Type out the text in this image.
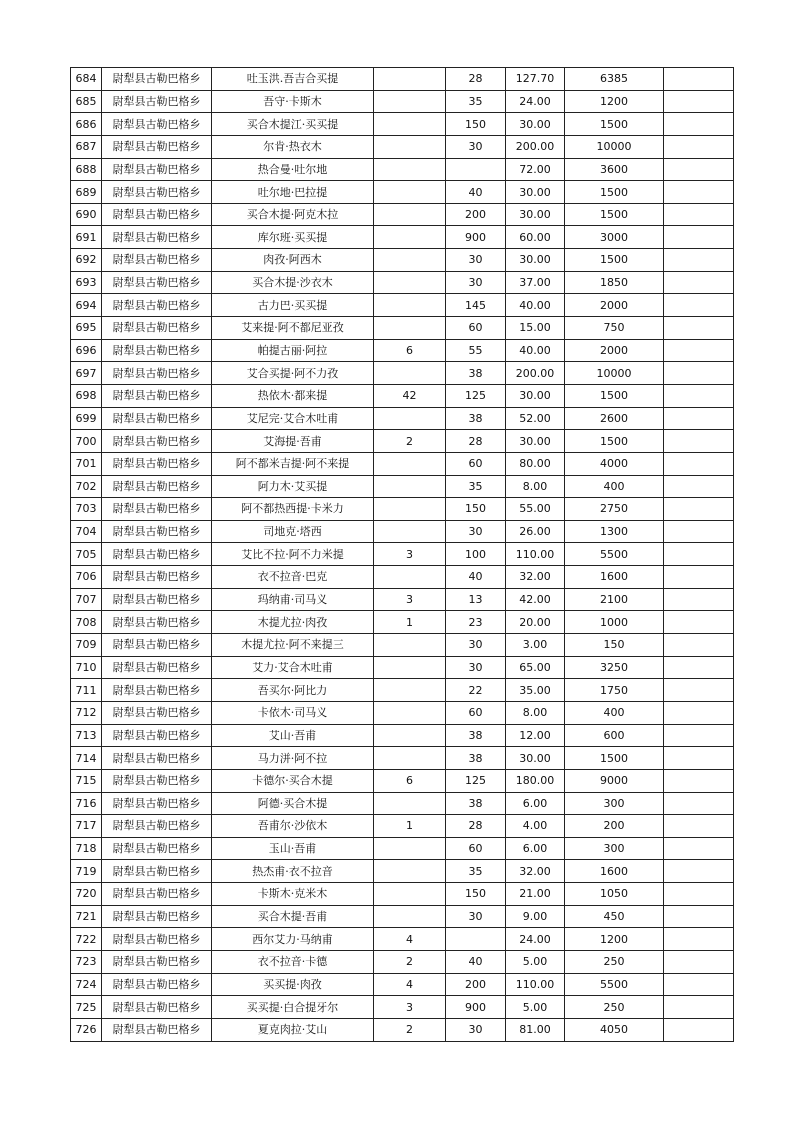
684	尉犁县古勒巴格乡	吐玉洪.吾吉合买提		28	127.70	6385	
685	尉犁县古勒巴格乡	吾守·卡斯木		35	24.00	1200	
686	尉犁县古勒巴格乡	买合木提江·买买提		150	30.00	1500	
687	尉犁县古勒巴格乡	尔肯·热衣木		30	200.00	10000	
688	尉犁县古勒巴格乡	热合曼·吐尔地			72.00	3600	
689	尉犁县古勒巴格乡	吐尔地·巴拉提		40	30.00	1500	
690	尉犁县古勒巴格乡	买合木提·阿克木拉		200	30.00	1500	
691	尉犁县古勒巴格乡	库尔班·买买提		900	60.00	3000	
692	尉犁县古勒巴格乡	肉孜·阿西木		30	30.00	1500	
693	尉犁县古勒巴格乡	买合木提·沙衣木		30	37.00	1850	
694	尉犁县古勒巴格乡	古力巴·买买提		145	40.00	2000	
695	尉犁县古勒巴格乡	艾来提·阿不都尼亚孜		60	15.00	750	
696	尉犁县古勒巴格乡	帕提古丽·阿拉	6	55	40.00	2000	
697	尉犁县古勒巴格乡	艾合买提·阿不力孜		38	200.00	10000	
698	尉犁县古勒巴格乡	热依木·都来提	42	125	30.00	1500	
699	尉犁县古勒巴格乡	艾尼完·艾合木吐甫		38	52.00	2600	
700	尉犁县古勒巴格乡	艾海提·吾甫	2	28	30.00	1500	
701	尉犁县古勒巴格乡	阿不都米吉提·阿不来提		60	80.00	4000	
702	尉犁县古勒巴格乡	阿力木·艾买提		35	8.00	400	
703	尉犁县古勒巴格乡	阿不都热西提·卡米力		150	55.00	2750	
704	尉犁县古勒巴格乡	司地克·塔西		30	26.00	1300	
705	尉犁县古勒巴格乡	艾比不拉·阿不力米提	3	100	110.00	5500	
706	尉犁县古勒巴格乡	衣不拉音·巴克		40	32.00	1600	
707	尉犁县古勒巴格乡	玛纳甫·司马义	3	13	42.00	2100	
708	尉犁县古勒巴格乡	木提尤拉·肉孜	1	23	20.00	1000	
709	尉犁县古勒巴格乡	木提尤拉·阿不来提三		30	3.00	150	
710	尉犁县古勒巴格乡	艾力·艾合木吐甫		30	65.00	3250	
711	尉犁县古勒巴格乡	吾买尔·阿比力		22	35.00	1750	
712	尉犁县古勒巴格乡	卡依木·司马义		60	8.00	400	
713	尉犁县古勒巴格乡	艾山·吾甫		38	12.00	600	
714	尉犁县古勒巴格乡	马力洴·阿不拉		38	30.00	1500	
715	尉犁县古勒巴格乡	卡德尔·买合木提	6	125	180.00	9000	
716	尉犁县古勒巴格乡	阿德·买合木提		38	6.00	300	
717	尉犁县古勒巴格乡	吾甫尔·沙依木	1	28	4.00	200	
718	尉犁县古勒巴格乡	玉山·吾甫		60	6.00	300	
719	尉犁县古勒巴格乡	热杰甫·衣不拉音		35	32.00	1600	
720	尉犁县古勒巴格乡	卡斯木·克米木		150	21.00	1050	
721	尉犁县古勒巴格乡	买合木提·吾甫		30	9.00	450	
722	尉犁县古勒巴格乡	西尔艾力·马纳甫	4		24.00	1200	
723	尉犁县古勒巴格乡	衣不拉音·卡德	2	40	5.00	250	
724	尉犁县古勒巴格乡	买买提·肉孜	4	200	110.00	5500	
725	尉犁县古勒巴格乡	买买提·白合提牙尔	3	900	5.00	250	
726	尉犁县古勒巴格乡	夏克肉拉·艾山	2	30	81.00	4050	
